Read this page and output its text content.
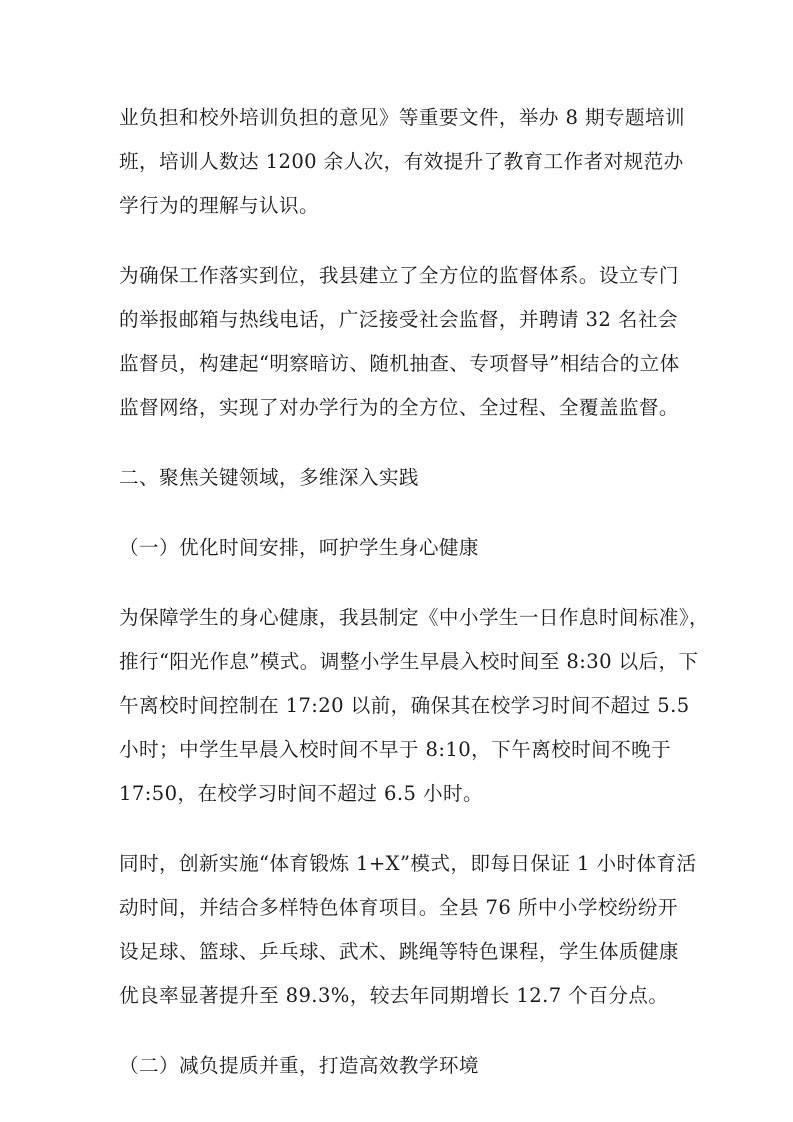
业负担和校外培训负担的意见》等重要文件，举办 8 期专题培训
班，培训人数达 1200 余人次，有效提升了教育工作者对规范办
学行为的理解与认识。
为确保工作落实到位，我县建立了全方位的监督体系。设立专门
的举报邮箱与热线电话，广泛接受社会监督，并聘请 32 名社会
监督员，构建起“明察暗访、随机抽查、专项督导”相结合的立体
监督网络，实现了对办学行为的全方位、全过程、全覆盖监督。
二、聚焦关键领域，多维深入实践
（一）优化时间安排，呵护学生身心健康
为保障学生的身心健康，我县制定《中小学生一日作息时间标准》，
推行“阳光作息”模式。调整小学生早晨入校时间至 8:30 以后，下
午离校时间控制在 17:20 以前，确保其在校学习时间不超过 5.5
小时；中学生早晨入校时间不早于 8:10，下午离校时间不晚于
17:50，在校学习时间不超过 6.5 小时。
同时，创新实施“体育锻炼 1+X”模式，即每日保证 1 小时体育活
动时间，并结合多样特色体育项目。全县 76 所中小学校纷纷开
设足球、篮球、乒乓球、武术、跳绳等特色课程，学生体质健康
优良率显著提升至 89.3%，较去年同期增长 12.7 个百分点。
（二）减负提质并重，打造高效教学环境
